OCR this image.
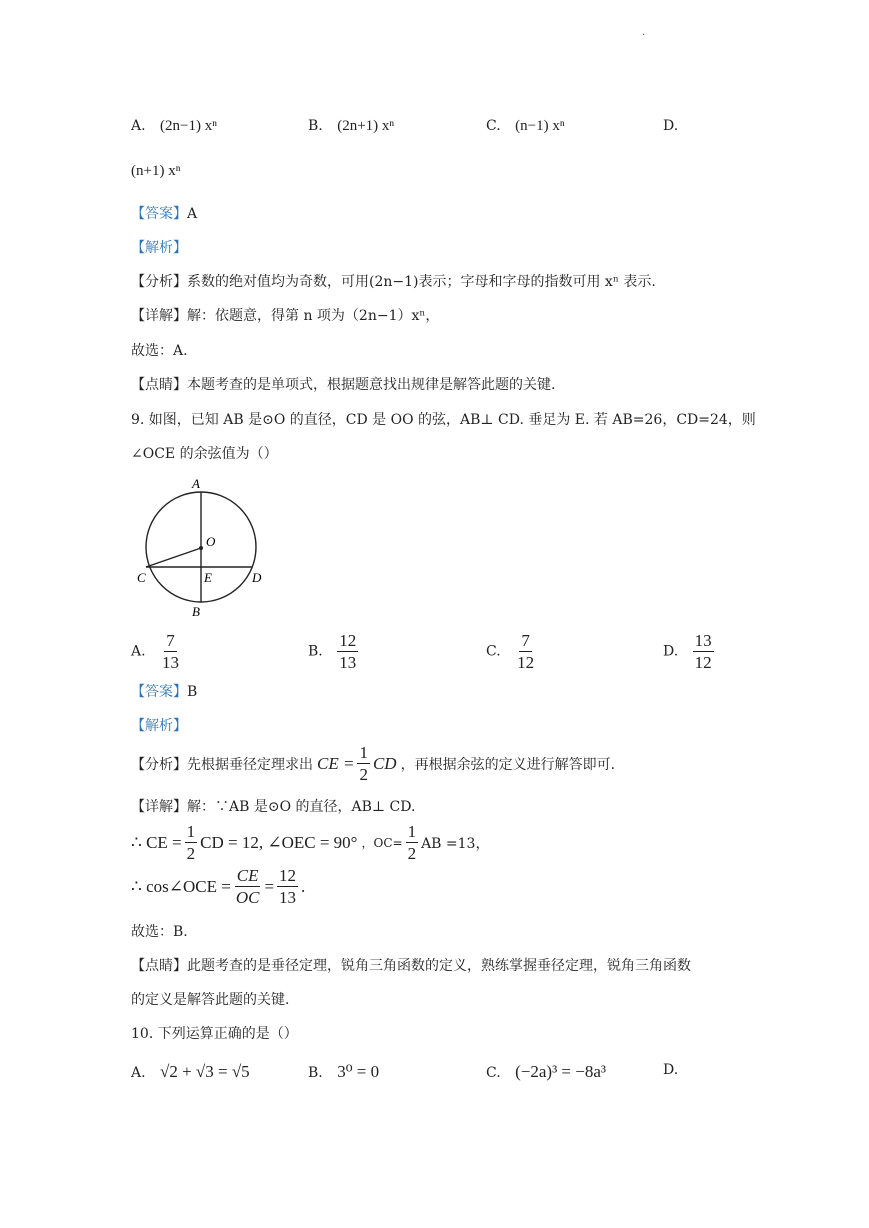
·
A. (2n−1) xⁿ	B. (2n+1) xⁿ	C. (n−1) xⁿ	D.
(n+1) xⁿ
【答案】A
【解析】
【分析】系数的绝对值均为奇数，可用(2n−1)表示；字母和字母的指数可用 xⁿ 表示.
【详解】解：依题意，得第 n 项为（2n−1）xⁿ，
故选：A.
【点睛】本题考查的是单项式，根据题意找出规律是解答此题的关键.
9. 如图，已知 AB 是⊙O 的直径，CD 是 OO 的弦，AB⊥ CD. 垂足为 E. 若 AB=26，CD=24，则
∠OCE 的余弦值为（）
A
O
C	E	D
B
A. $\frac{7}{13}$	B. $\frac{12}{13}$	C. $\frac{7}{12}$	D. $\frac{13}{12}$
【答案】B
【解析】
【分析】 先根据垂径定理求出 CE = $\frac{1}{2}$ CD ，再根据余弦的定义进行解答即可.
【详解】解：∵AB 是⊙O 的直径，AB⊥ CD.
∴ CE = $\frac{1}{2}$ CD = 12, ∠OEC = 90° ，$OC= \frac{1}{2}$ AB =13，
∴ cos∠OCE = $\frac{CE}{OC} = \frac{12}{13}$ .
故选：B.
【点睛】此题考查的是垂径定理，锐角三角函数的定义，熟练掌握垂径定理，锐角三角函数
的定义是解答此题的关键.
10. 下列运算正确的是（）
A. √2 + √3 = √5	B. 3⁰ = 0	C. (−2a)³ = −8a³	D.
